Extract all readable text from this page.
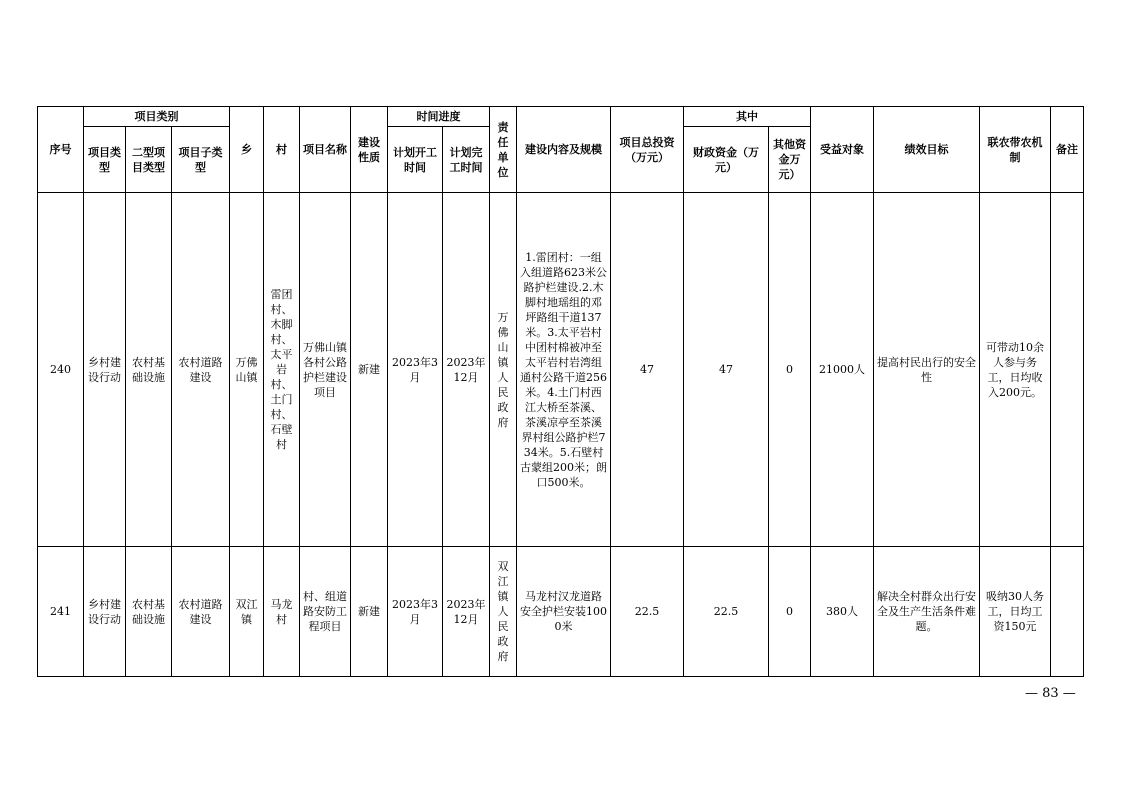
序号	项目类别			乡	村	项目名称	建设性质	时间进度		责任单位	建设内容及规模	项目总投资（万元）	其中		受益对象	绩效目标	联农带农机制	备注
	项目类型	二型项目类型	项目子类型					计划开工时间	计划完工时间				财政资金（万元）	其他资金万元）				
240	乡村建设行动	农村基础设施	农村道路建设	万佛山镇	雷团村、木脚村、太平岩村、土门村、石壁村	万佛山镇各村公路护栏建设项目	新建	2023年3月	2023年12月	万佛山镇人民政府	1.雷团村：一组入组道路623米公路护栏建设.2.木脚村地瑶组的邓坪路组干道137米。3.太平岩村中团村棉被冲至太平岩村岩湾组通村公路干道256米。4.土门村西江大桥至茶溪、茶溪凉亭至茶溪界村组公路护栏734米。5.石壁村古蒙组200米；朗口500米。	47	47	0	21000人	提高村民出行的安全性	可带动10余人参与务工，日均收入200元。	
241	乡村建设行动	农村基础设施	农村道路建设	双江镇	马龙村	村、组道路安防工程项目	新建	2023年3月	2023年12月	双江镇人民政府	马龙村汉龙道路安全护栏安装1000米	22.5	22.5	0	380人	解决全村群众出行安全及生产生活条件难题。	吸纳30人务工，日均工资150元	
— 83 —
